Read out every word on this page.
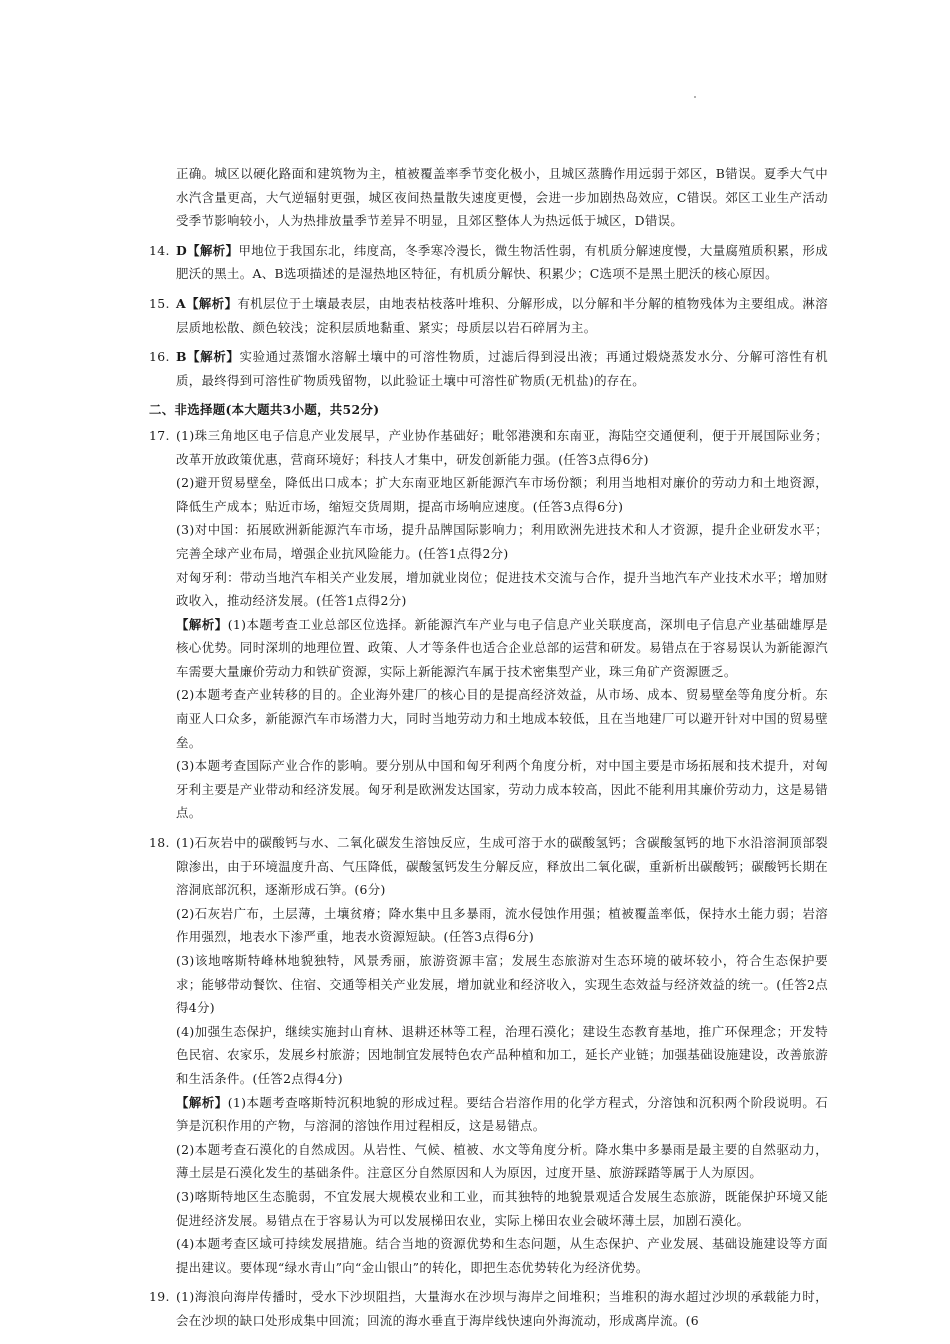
正确。城区以硬化路面和建筑物为主，植被覆盖率季节变化极小，且城区蒸腾作用远弱于郊区，B错误。夏季大气中水汽含量更高，大气逆辐射更强，城区夜间热量散失速度更慢，会进一步加剧热岛效应，C错误。郊区工业生产活动受季节影响较小，人为热排放量季节差异不明显，且郊区整体人为热远低于城区，D错误。

14. D【解析】甲地位于我国东北，纬度高，冬季寒冷漫长，微生物活性弱，有机质分解速度慢，大量腐殖质积累，形成肥沃的黑土。A、B选项描述的是湿热地区特征，有机质分解快、积累少；C选项不是黑土肥沃的核心原因。

15. A【解析】有机层位于土壤最表层，由地表枯枝落叶堆积、分解形成，以分解和半分解的植物残体为主要组成。淋溶层质地松散、颜色较浅；淀积层质地黏重、紧实；母质层以岩石碎屑为主。

16. B【解析】实验通过蒸馏水溶解土壤中的可溶性物质，过滤后得到浸出液；再通过煅烧蒸发水分、分解可溶性有机质，最终得到可溶性矿物质残留物，以此验证土壤中可溶性矿物质(无机盐)的存在。

二、非选择题(本大题共3小题，共52分)
17. (1)珠三角地区电子信息产业发展早，产业协作基础好；毗邻港澳和东南亚，海陆空交通便利，便于开展国际业务；改革开放政策优惠，营商环境好；科技人才集中，研发创新能力强。(任答3点得6分)

(2)避开贸易壁垒，降低出口成本；扩大东南亚地区新能源汽车市场份额；利用当地相对廉价的劳动力和土地资源，降低生产成本；贴近市场，缩短交货周期，提高市场响应速度。(任答3点得6分)

(3)对中国：拓展欧洲新能源汽车市场，提升品牌国际影响力；利用欧洲先进技术和人才资源，提升企业研发水平；完善全球产业布局，增强企业抗风险能力。(任答1点得2分)

对匈牙利：带动当地汽车相关产业发展，增加就业岗位；促进技术交流与合作，提升当地汽车产业技术水平；增加财政收入，推动经济发展。(任答1点得2分)

【解析】(1)本题考查工业总部区位选择。新能源汽车产业与电子信息产业关联度高，深圳电子信息产业基础雄厚是核心优势。同时深圳的地理位置、政策、人才等条件也适合企业总部的运营和研发。易错点在于容易误认为新能源汽车需要大量廉价劳动力和铁矿资源，实际上新能源汽车属于技术密集型产业，珠三角矿产资源匮乏。

(2)本题考查产业转移的目的。企业海外建厂的核心目的是提高经济效益，从市场、成本、贸易壁垒等角度分析。东南亚人口众多，新能源汽车市场潜力大，同时当地劳动力和土地成本较低，且在当地建厂可以避开针对中国的贸易壁垒。

(3)本题考查国际产业合作的影响。要分别从中国和匈牙利两个角度分析，对中国主要是市场拓展和技术提升，对匈牙利主要是产业带动和经济发展。匈牙利是欧洲发达国家，劳动力成本较高，因此不能利用其廉价劳动力，这是易错点。

18. (1)石灰岩中的碳酸钙与水、二氧化碳发生溶蚀反应，生成可溶于水的碳酸氢钙；含碳酸氢钙的地下水沿溶洞顶部裂隙渗出，由于环境温度升高、气压降低，碳酸氢钙发生分解反应，释放出二氧化碳，重新析出碳酸钙；碳酸钙长期在溶洞底部沉积，逐渐形成石笋。(6分)

(2)石灰岩广布，土层薄，土壤贫瘠；降水集中且多暴雨，流水侵蚀作用强；植被覆盖率低，保持水土能力弱；岩溶作用强烈，地表水下渗严重，地表水资源短缺。(任答3点得6分)

(3)该地喀斯特峰林地貌独特，风景秀丽，旅游资源丰富；发展生态旅游对生态环境的破坏较小，符合生态保护要求；能够带动餐饮、住宿、交通等相关产业发展，增加就业和经济收入，实现生态效益与经济效益的统一。(任答2点得4分)

(4)加强生态保护，继续实施封山育林、退耕还林等工程，治理石漠化；建设生态教育基地，推广环保理念；开发特色民宿、农家乐，发展乡村旅游；因地制宜发展特色农产品种植和加工，延长产业链；加强基础设施建设，改善旅游和生活条件。(任答2点得4分)

【解析】(1)本题考查喀斯特沉积地貌的形成过程。要结合岩溶作用的化学方程式，分溶蚀和沉积两个阶段说明。石笋是沉积作用的产物，与溶洞的溶蚀作用过程相反，这是易错点。

(2)本题考查石漠化的自然成因。从岩性、气候、植被、水文等角度分析。降水集中多暴雨是最主要的自然驱动力，薄土层是石漠化发生的基础条件。注意区分自然原因和人为原因，过度开垦、旅游踩踏等属于人为原因。

(3)喀斯特地区生态脆弱，不宜发展大规模农业和工业，而其独特的地貌景观适合发展生态旅游，既能保护环境又能促进经济发展。易错点在于容易认为可以发展梯田农业，实际上梯田农业会破坏薄土层，加剧石漠化。

(4)本题考查区域可持续发展措施。结合当地的资源优势和生态问题，从生态保护、产业发展、基础设施建设等方面提出建议。要体现“绿水青山”向“金山银山”的转化，即把生态优势转化为经济优势。

19. (1)海浪向海岸传播时，受水下沙坝阻挡，大量海水在沙坝与海岸之间堆积；当堆积的海水超过沙坝的承载能力时，会在沙坝的缺口处形成集中回流；回流的海水垂直于海岸线快速向外海流动，形成离岸流。(6
